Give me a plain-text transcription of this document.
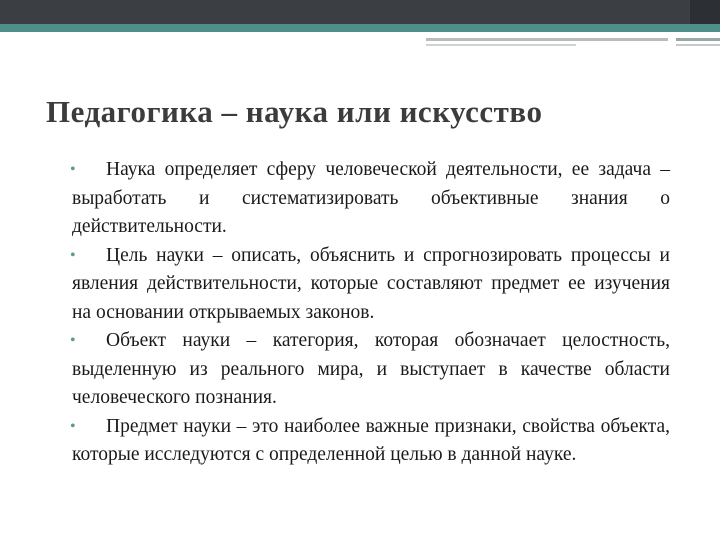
Педагогика – наука или искусство

• Наука определяет сферу человеческой деятельности, ее задача – выработать и систематизировать объективные знания о действительности.

• Цель науки – описать, объяснить и спрогнозировать процессы и явления действительности, которые составляют предмет ее изучения на основании открываемых законов.

• Объект науки – категория, которая обозначает целостность, выделенную из реального мира, и выступает в качестве области человеческого познания.

• Предмет науки – это наиболее важные признаки, свойства объекта, которые исследуются с определенной целью в данной науке.
